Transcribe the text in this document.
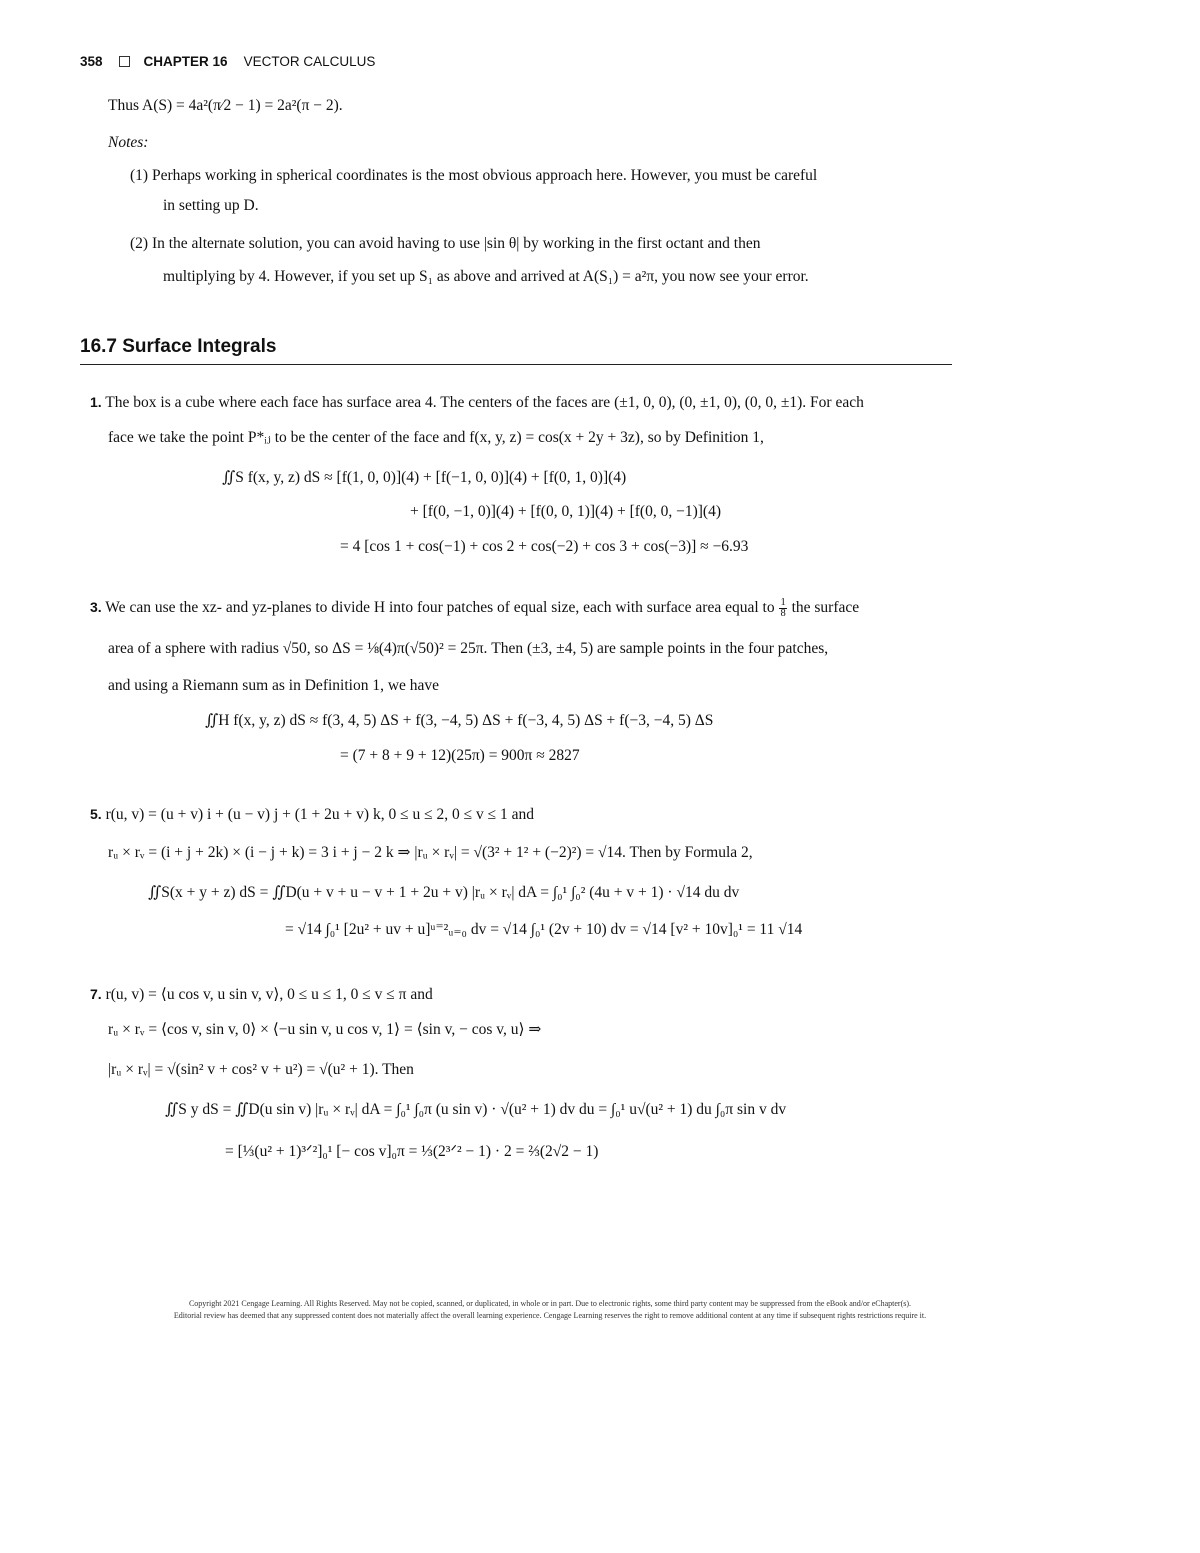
358	CHAPTER 16 VECTOR CALCULUS
Thus A(S) = 4a²(π⁄2 − 1) = 2a²(π − 2).
Notes:
(1) Perhaps working in spherical coordinates is the most obvious approach here. However, you must be careful
in setting up D.
(2) In the alternate solution, you can avoid having to use |sin θ| by working in the first octant and then
multiplying by 4. However, if you set up S₁ as above and arrived at A(S₁) = a²π, you now see your error.
16.7 Surface Integrals
1. The box is a cube where each face has surface area 4. The centers of the faces are (±1, 0, 0), (0, ±1, 0), (0, 0, ±1). For each
face we take the point P*ᵢⱼ to be the center of the face and f(x, y, z) = cos(x + 2y + 3z), so by Definition 1,
∬S f(x, y, z) dS ≈ [f(1, 0, 0)](4) + [f(−1, 0, 0)](4) + [f(0, 1, 0)](4)
+ [f(0, −1, 0)](4) + [f(0, 0, 1)](4) + [f(0, 0, −1)](4)
= 4 [cos 1 + cos(−1) + cos 2 + cos(−2) + cos 3 + cos(−3)] ≈ −6.93
3. We can use the xz- and yz-planes to divide H into four patches of equal size, each with surface area equal to $\frac{1}{8}$ the surface
area of a sphere with radius √50, so ΔS = ⅛(4)π(√50)² = 25π. Then (±3, ±4, 5) are sample points in the four patches,
and using a Riemann sum as in Definition 1, we have
∬H f(x, y, z) dS ≈ f(3, 4, 5) ΔS + f(3, −4, 5) ΔS + f(−3, 4, 5) ΔS + f(−3, −4, 5) ΔS
= (7 + 8 + 9 + 12)(25π) = 900π ≈ 2827
5. r(u, v) = (u + v) i + (u − v) j + (1 + 2u + v) k, 0 ≤ u ≤ 2, 0 ≤ v ≤ 1 and
rᵤ × rᵥ = (i + j + 2k) × (i − j + k) = 3 i + j − 2 k ⇒ |rᵤ × rᵥ| = √(3² + 1² + (−2)²) = √14. Then by Formula 2,
∬S(x + y + z) dS = ∬D(u + v + u − v + 1 + 2u + v) |rᵤ × rᵥ| dA = ∫₀¹ ∫₀² (4u + v + 1) · √14 du dv
= √14 ∫₀¹ [2u² + uv + u]ᵘ⁼²ᵤ₌₀ dv = √14 ∫₀¹ (2v + 10) dv = √14 [v² + 10v]₀¹ = 11 √14
7. r(u, v) = ⟨u cos v, u sin v, v⟩, 0 ≤ u ≤ 1, 0 ≤ v ≤ π and
rᵤ × rᵥ = ⟨cos v, sin v, 0⟩ × ⟨−u sin v, u cos v, 1⟩ = ⟨sin v, − cos v, u⟩ ⇒
|rᵤ × rᵥ| = √(sin² v + cos² v + u²) = √(u² + 1). Then
∬S y dS = ∬D(u sin v) |rᵤ × rᵥ| dA = ∫₀¹ ∫₀π (u sin v) · √(u² + 1) dv du = ∫₀¹ u√(u² + 1) du ∫₀π sin v dv
= [⅓(u² + 1)³ᐟ²]₀¹ [− cos v]₀π = ⅓(2³ᐟ² − 1) · 2 = ⅔(2√2 − 1)

Copyright 2021 Cengage Learning. All Rights Reserved. May not be copied, scanned, or duplicated, in whole or in part. Due to electronic rights, some third party content may be suppressed from the eBook and/or eChapter(s).

Editorial review has deemed that any suppressed content does not materially affect the overall learning experience. Cengage Learning reserves the right to remove additional content at any time if subsequent rights restrictions require it.
